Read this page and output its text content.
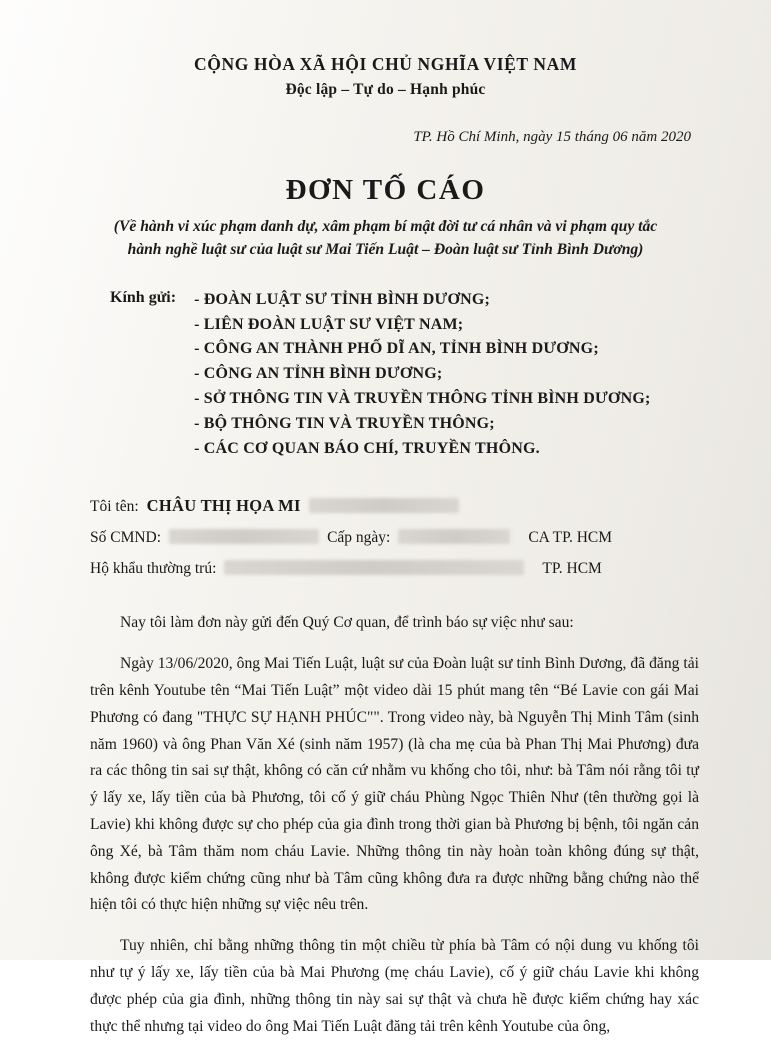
CỘNG HÒA XÃ HỘI CHỦ NGHĨA VIỆT NAM
Độc lập – Tự do – Hạnh phúc
TP. Hồ Chí Minh, ngày 15 tháng 06 năm 2020
ĐƠN TỐ CÁO
(Về hành vi xúc phạm danh dự, xâm phạm bí mật đời tư cá nhân và vi phạm quy tắc
hành nghề luật sư của luật sư Mai Tiến Luật – Đoàn luật sư Tỉnh Bình Dương)
Kính gửi: - ĐOÀN LUẬT SƯ TỈNH BÌNH DƯƠNG;
- LIÊN ĐOÀN LUẬT SƯ VIỆT NAM;
- CÔNG AN THÀNH PHỐ DĨ AN, TỈNH BÌNH DƯƠNG;
- CÔNG AN TỈNH BÌNH DƯƠNG;
- SỞ THÔNG TIN VÀ TRUYỀN THÔNG TỈNH BÌNH DƯƠNG;
- BỘ THÔNG TIN VÀ TRUYỀN THÔNG;
- CÁC CƠ QUAN BÁO CHÍ, TRUYỀN THÔNG.
Tôi tên: CHÂU THỊ HỌA MI
Số CMND:	Cấp ngày:	CA TP. HCM
Hộ khẩu thường trú:	TP. HCM
Nay tôi làm đơn này gửi đến Quý Cơ quan, để trình báo sự việc như sau:
Ngày 13/06/2020, ông Mai Tiến Luật, luật sư của Đoàn luật sư tỉnh Bình Dương, đã đăng tải trên kênh Youtube tên “Mai Tiến Luật” một video dài 15 phút mang tên “Bé Lavie con gái Mai Phương có đang "THỰC SỰ HẠNH PHÚC"". Trong video này, bà Nguyễn Thị Minh Tâm (sinh năm 1960) và ông Phan Văn Xé (sinh năm 1957) (là cha mẹ của bà Phan Thị Mai Phương) đưa ra các thông tin sai sự thật, không có căn cứ nhằm vu khống cho tôi, như: bà Tâm nói rằng tôi tự ý lấy xe, lấy tiền của bà Phương, tôi cố ý giữ cháu Phùng Ngọc Thiên Như (tên thường gọi là Lavie) khi không được sự cho phép của gia đình trong thời gian bà Phương bị bệnh, tôi ngăn cản ông Xé, bà Tâm thăm nom cháu Lavie. Những thông tin này hoàn toàn không đúng sự thật, không được kiểm chứng cũng như bà Tâm cũng không đưa ra được những bằng chứng nào thể hiện tôi có thực hiện những sự việc nêu trên.
Tuy nhiên, chỉ bằng những thông tin một chiều từ phía bà Tâm có nội dung vu khống tôi như tự ý lấy xe, lấy tiền của bà Mai Phương (mẹ cháu Lavie), cố ý giữ cháu Lavie khi không được phép của gia đình, những thông tin này sai sự thật và chưa hề được kiểm chứng hay xác thực thể nhưng tại video do ông Mai Tiến Luật đăng tải trên kênh Youtube của ông,
